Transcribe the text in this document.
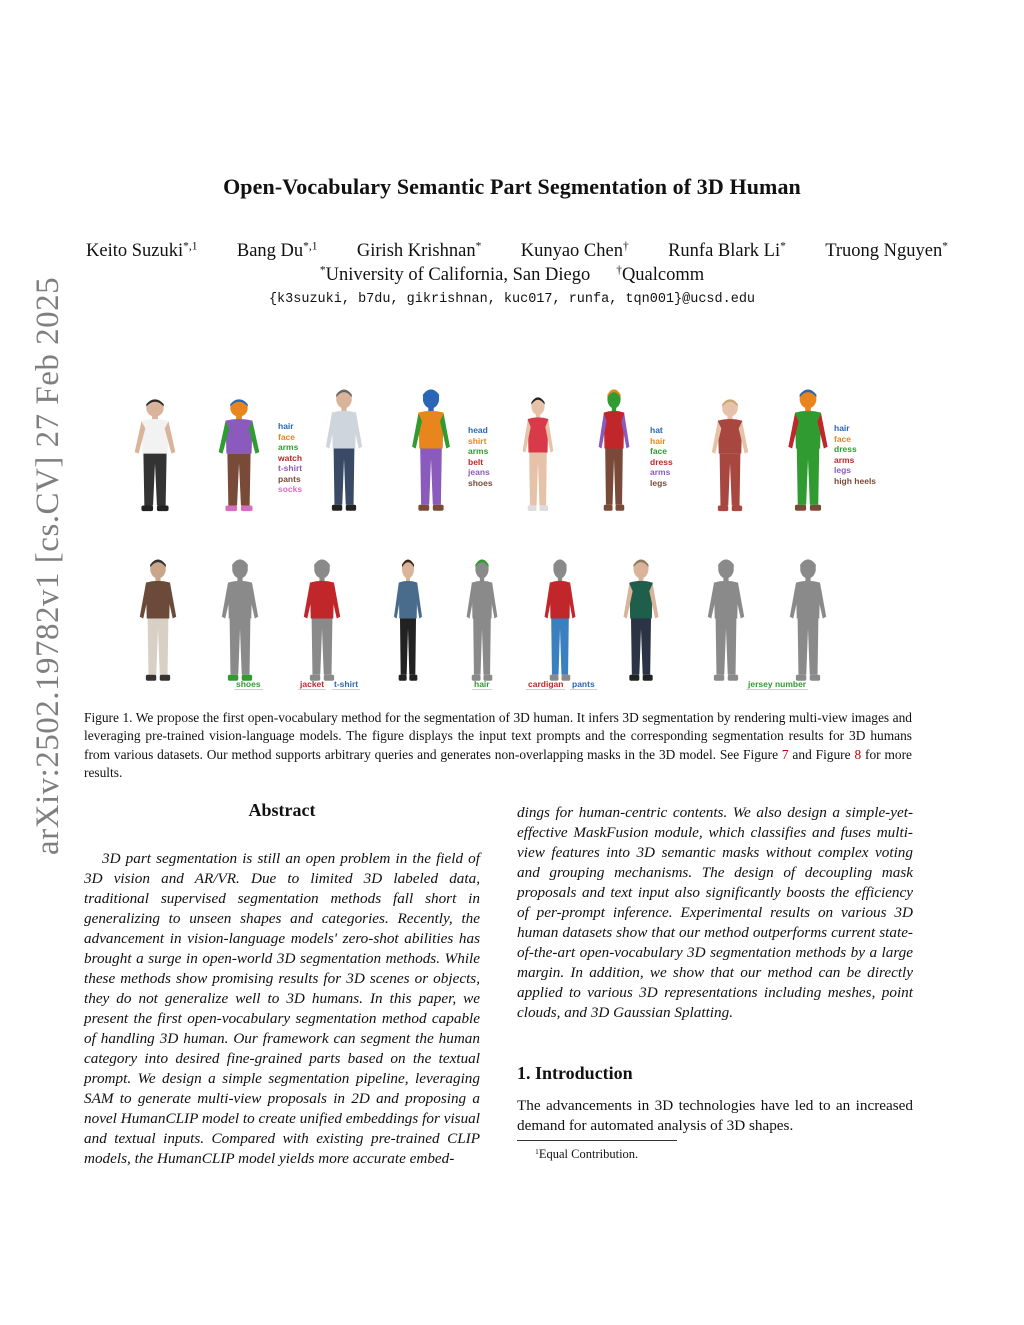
arXiv:2502.19782v1 [cs.CV] 27 Feb 2025
Open-Vocabulary Semantic Part Segmentation of 3D Human
Keito Suzuki$^{*,1}$ Bang $Du^{*,1}$ Girish Krishnan* Kunyao Chen† Runfa Blark Li* Truong Nguyen*
*University of California, San Diego †Qualcomm
{k3suzuki, b7du, gikrishnan, kuc017, runfa, tqn001}@ucsd.edu
hair
face
arms
watch
t-shirt
pants
socks
head
shirt
arms
belt
jeans
shoes
hat
hair
face
dress
arms
legs
hair
face
dress
arms
legs
high heels
shoes	jacket t-shirt	hair	cardigan pants	jersey number
Figure 1. We propose the first open-vocabulary method for the segmentation of 3D human. It infers 3D segmentation by rendering multi-view images and leveraging pre-trained vision-language models. The figure displays the input text prompts and the corresponding segmentation results for 3D humans from various datasets. Our method supports arbitrary queries and generates non-overlapping masks in the 3D model. See Figure 7 and Figure 8 for more results.
Abstract
3D part segmentation is still an open problem in the field of 3D vision and AR/VR. Due to limited 3D labeled data, traditional supervised segmentation methods fall short in generalizing to unseen shapes and categories. Recently, the advancement in vision-language models' zero-shot abilities has brought a surge in open-world 3D segmentation methods. While these methods show promising results for 3D scenes or objects, they do not generalize well to 3D humans. In this paper, we present the first open-vocabulary segmentation method capable of handling 3D human. Our framework can segment the human category into desired fine-grained parts based on the textual prompt. We design a simple segmentation pipeline, leveraging SAM to generate multi-view proposals in 2D and proposing a novel HumanCLIP model to create unified embeddings for visual and textual inputs. Compared with existing pre-trained CLIP models, the HumanCLIP model yields more accurate embed-
dings for human-centric contents. We also design a simple-yet-effective MaskFusion module, which classifies and fuses multi-view features into 3D semantic masks without complex voting and grouping mechanisms. The design of decoupling mask proposals and text input also significantly boosts the efficiency of per-prompt inference. Experimental results on various 3D human datasets show that our method outperforms current state-of-the-art open-vocabulary 3D segmentation methods by a large margin. In addition, we show that our method can be directly applied to various 3D representations including meshes, point clouds, and 3D Gaussian Splatting.
1. Introduction
The advancements in 3D technologies have led to an increased demand for automated analysis of 3D shapes.
$^1$Equal Contribution.
